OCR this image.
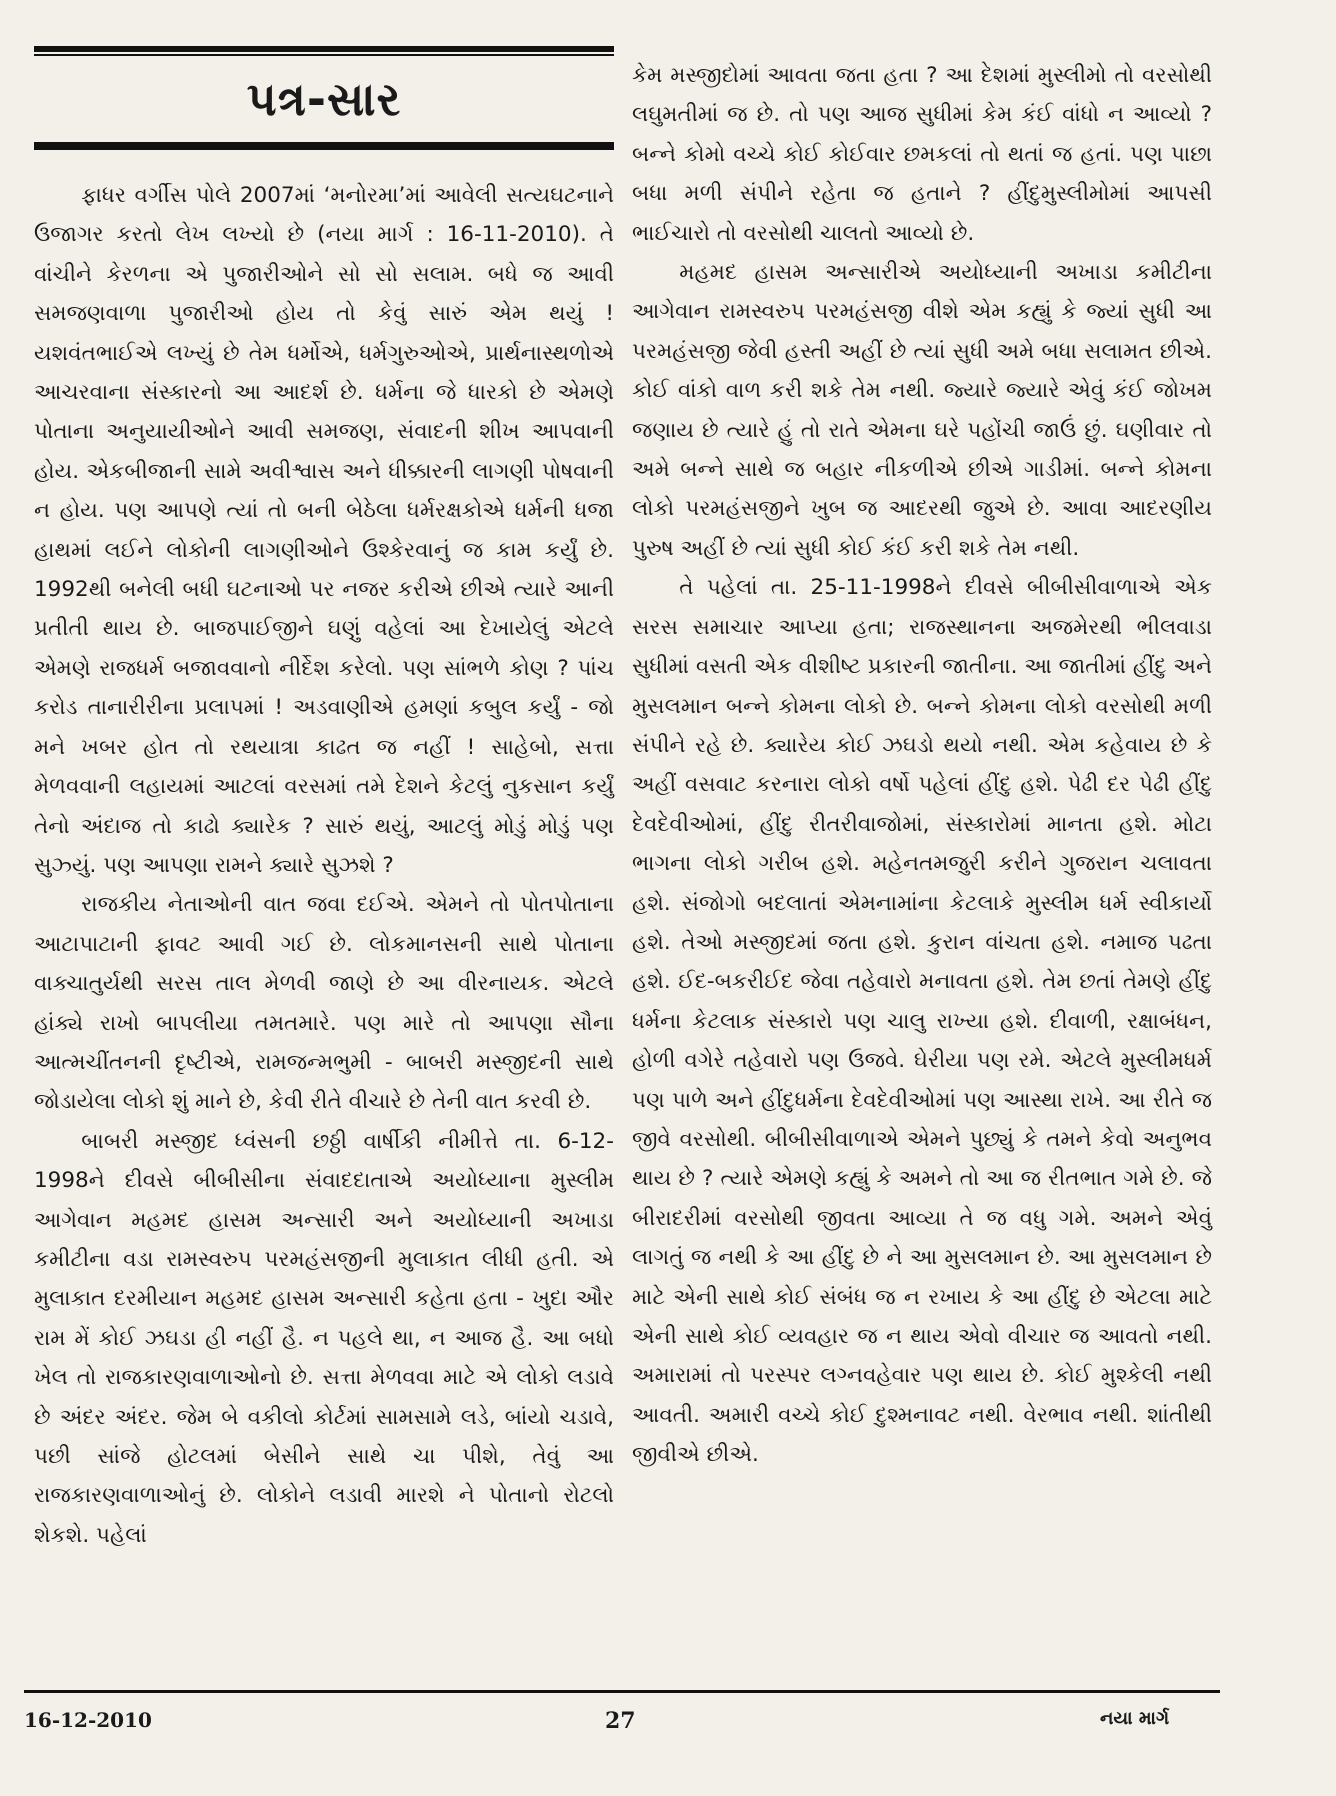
પત્ર-સાર

ફાધર વર્ગીસ પોલે 2007માં ‘મનોરમા’માં આવેલી સત્યઘટનાને ઉજાગર કરતો લેખ લખ્યો છે (નયા માર્ગ : 16-11-2010). તે વાંચીને કેરળના એ પુજારીઓને સો સો સલામ. બધે જ આવી સમજણવાળા પુજારીઓ હોય તો કેવું સારું એમ થયું ! યશવંતભાઈએ લખ્યું છે તેમ ધર્મોએ, ધર્મગુરુઓએ, પ્રાર્થનાસ્થળોએ આચરવાના સંસ્કારનો આ આદર્શ છે. ધર્મના જે ધારકો છે એમણે પોતાના અનુયાયીઓને આવી સમજણ, સંવાદની શીખ આપવાની હોય. એકબીજાની સામે અવીશ્વાસ અને ધીક્કારની લાગણી પોષવાની ન હોય. પણ આપણે ત્યાં તો બની બેઠેલા ધર્મરક્ષકોએ ધર્મની ધજા હાથમાં લઈને લોકોની લાગણીઓને ઉશ્કેરવાનું જ કામ કર્યું છે. 1992થી બનેલી બધી ઘટનાઓ પર નજર કરીએ છીએ ત્યારે આની પ્રતીતી થાય છે. બાજપાઈજીને ઘણું વહેલાં આ દેખાયેલું એટલે એમણે રાજધર્મ બજાવવાનો નીર્દેશ કરેલો. પણ સાંભળે કોણ ? પાંચ કરોડ તાનારીરીના પ્રલાપમાં ! અડવાણીએ હમણાં કબુલ કર્યું - જો મને ખબર હોત તો રથયાત્રા કાઢત જ નહીં ! સાહેબો, સત્તા મેળવવાની લહાયમાં આટલાં વરસમાં તમે દેશને કેટલું નુકસાન કર્યું તેનો અંદાજ તો કાઢો ક્યારેક ? સારું થયું, આટલું મોડું મોડું પણ સુઝ્યું. પણ આપણા રામને ક્યારે સુઝશે ?

રાજકીય નેતાઓની વાત જવા દઈએ. એમને તો પોતપોતાના આટાપાટાની ફાવટ આવી ગઈ છે. લોકમાનસની સાથે પોતાના વાક્ચાતુર્યથી સરસ તાલ મેળવી જાણે છે આ વીરનાયક. એટલે હાંક્યે રાખો બાપલીયા તમતમારે. પણ મારે તો આપણા સૌના આત્મચીંતનની દૃષ્ટીએ, રામજન્મભુમી - બાબરી મસ્જીદની સાથે જોડાયેલા લોકો શું માને છે, કેવી રીતે વીચારે છે તેની વાત કરવી છે.

બાબરી મસ્જીદ ધ્વંસની છઠ્ઠી વાર્ષીકી નીમીત્તે તા. 6-12-1998ને દીવસે બીબીસીના સંવાદદાતાએ અયોધ્યાના મુસ્લીમ આગેવાન મહમદ હાસમ અન્સારી અને અયોધ્યાની અખાડા કમીટીના વડા રામસ્વરુપ પરમહંસજીની મુલાકાત લીધી હતી. એ મુલાકાત દરમીયાન મહમદ હાસમ અન્સારી કહેતા હતા - ખુદા ઔર રામ મેં કોઈ ઝઘડા હી નહીં હૈ. ન પહલે થા, ન આજ હૈ. આ બધો ખેલ તો રાજકારણવાળાઓનો છે. સત્તા મેળવવા માટે એ લોકો લડાવે છે અંદર અંદર. જેમ બે વકીલો કોર્ટમાં સામસામે લડે, બાંયો ચડાવે, પછી સાંજે હોટલમાં બેસીને સાથે ચા પીશે, તેવું આ રાજકારણવાળાઓનું છે. લોકોને લડાવી મારશે ને પોતાનો રોટલો શેકશે. પહેલાં

કેમ મસ્જીદોમાં આવતા જતા હતા ? આ દેશમાં મુસ્લીમો તો વરસોથી લઘુમતીમાં જ છે. તો પણ આજ સુધીમાં કેમ કંઈ વાંધો ન આવ્યો ? બન્ને કોમો વચ્ચે કોઈ કોઈવાર છમકલાં તો થતાં જ હતાં. પણ પાછા બધા મળી સંપીને રહેતા જ હતાને ? હીંદુમુસ્લીમોમાં આપસી ભાઈચારો તો વરસોથી ચાલતો આવ્યો છે.

મહમદ હાસમ અન્સારીએ અયોધ્યાની અખાડા કમીટીના આગેવાન રામસ્વરુપ પરમહંસજી વીશે એમ કહ્યું કે જ્યાં સુધી આ પરમહંસજી જેવી હસ્તી અહીં છે ત્યાં સુધી અમે બધા સલામત છીએ. કોઈ વાંકો વાળ કરી શકે તેમ નથી. જ્યારે જ્યારે એવું કંઈ જોખમ જણાય છે ત્યારે હું તો રાતે એમના ઘરે પહોંચી જાઉં છું. ઘણીવાર તો અમે બન્ને સાથે જ બહાર નીકળીએ છીએ ગાડીમાં. બન્ને કોમના લોકો પરમહંસજીને ખુબ જ આદરથી જુએ છે. આવા આદરણીય પુરુષ અહીં છે ત્યાં સુધી કોઈ કંઈ કરી શકે તેમ નથી.

તે પહેલાં તા. 25-11-1998ને દીવસે બીબીસીવાળાએ એક સરસ સમાચાર આપ્યા હતા; રાજસ્થાનના અજમેરથી ભીલવાડા સુધીમાં વસતી એક વીશીષ્ટ પ્રકારની જાતીના. આ જાતીમાં હીંદુ અને મુસલમાન બન્ને કોમના લોકો છે. બન્ને કોમના લોકો વરસોથી મળી સંપીને રહે છે. ક્યારેય કોઈ ઝઘડો થયો નથી. એમ કહેવાય છે કે અહીં વસવાટ કરનારા લોકો વર્ષો પહેલાં હીંદુ હશે. પેઢી દર પેઢી હીંદુ દેવદેવીઓમાં, હીંદુ રીતરીવાજોમાં, સંસ્કારોમાં માનતા હશે. મોટા ભાગના લોકો ગરીબ હશે. મહેનતમજુરી કરીને ગુજરાન ચલાવતા હશે. સંજોગો બદલાતાં એમનામાંના કેટલાકે મુસ્લીમ ધર્મ સ્વીકાર્યો હશે. તેઓ મસ્જીદમાં જતા હશે. કુરાન વાંચતા હશે. નમાજ પઢતા હશે. ઈદ-બકરીઈદ જેવા તહેવારો મનાવતા હશે. તેમ છતાં તેમણે હીંદુ ધર્મના કેટલાક સંસ્કારો પણ ચાલુ રાખ્યા હશે. દીવાળી, રક્ષાબંધન, હોળી વગેરે તહેવારો પણ ઉજવે. ઘેરીયા પણ રમે. એટલે મુસ્લીમધર્મ પણ પાળે અને હીંદુધર્મના દેવદેવીઓમાં પણ આસ્થા રાખે. આ રીતે જ જીવે વરસોથી. બીબીસીવાળાએ એમને પુછ્યું કે તમને કેવો અનુભવ થાય છે ? ત્યારે એમણે કહ્યું કે અમને તો આ જ રીતભાત ગમે છે. જે બીરાદરીમાં વરસોથી જીવતા આવ્યા તે જ વધુ ગમે. અમને એવું લાગતું જ નથી કે આ હીંદુ છે ને આ મુસલમાન છે. આ મુસલમાન છે માટે એની સાથે કોઈ સંબંધ જ ન રખાય કે આ હીંદુ છે એટલા માટે એની સાથે કોઈ વ્યવહાર જ ન થાય એવો વીચાર જ આવતો નથી. અમારામાં તો પરસ્પર લગ્નવહેવાર પણ થાય છે. કોઈ મુશ્કેલી નથી આવતી. અમારી વચ્ચે કોઈ દુશ્મનાવટ નથી. વેરભાવ નથી. શાંતીથી જીવીએ છીએ.

16-12-2010	27	નયા માર્ગ
